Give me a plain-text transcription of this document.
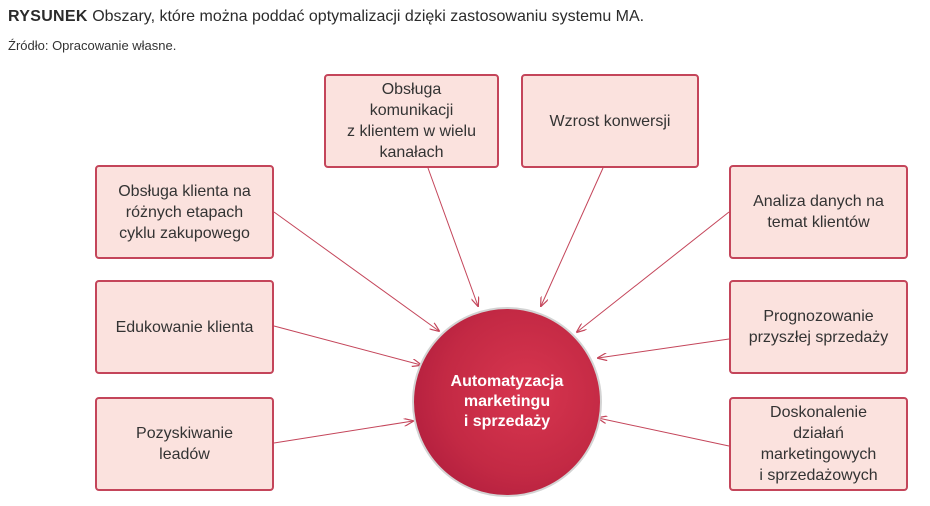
RYSUNEK Obszary, które można poddać optymalizacji dzięki zastosowaniu systemu MA.
Źródło: Opracowanie własne.
Obsługa
komunikacji
z klientem w wielu
kanałach
Wzrost konwersji
Obsługa klienta na
różnych etapach
cyklu zakupowego
Analiza danych na
temat klientów
Edukowanie klienta
Prognozowanie
przyszłej sprzedaży
Pozyskiwanie
leadów
Doskonalenie
działań
marketingowych
i sprzedażowych
Automatyzacja
marketingu
i sprzedaży
